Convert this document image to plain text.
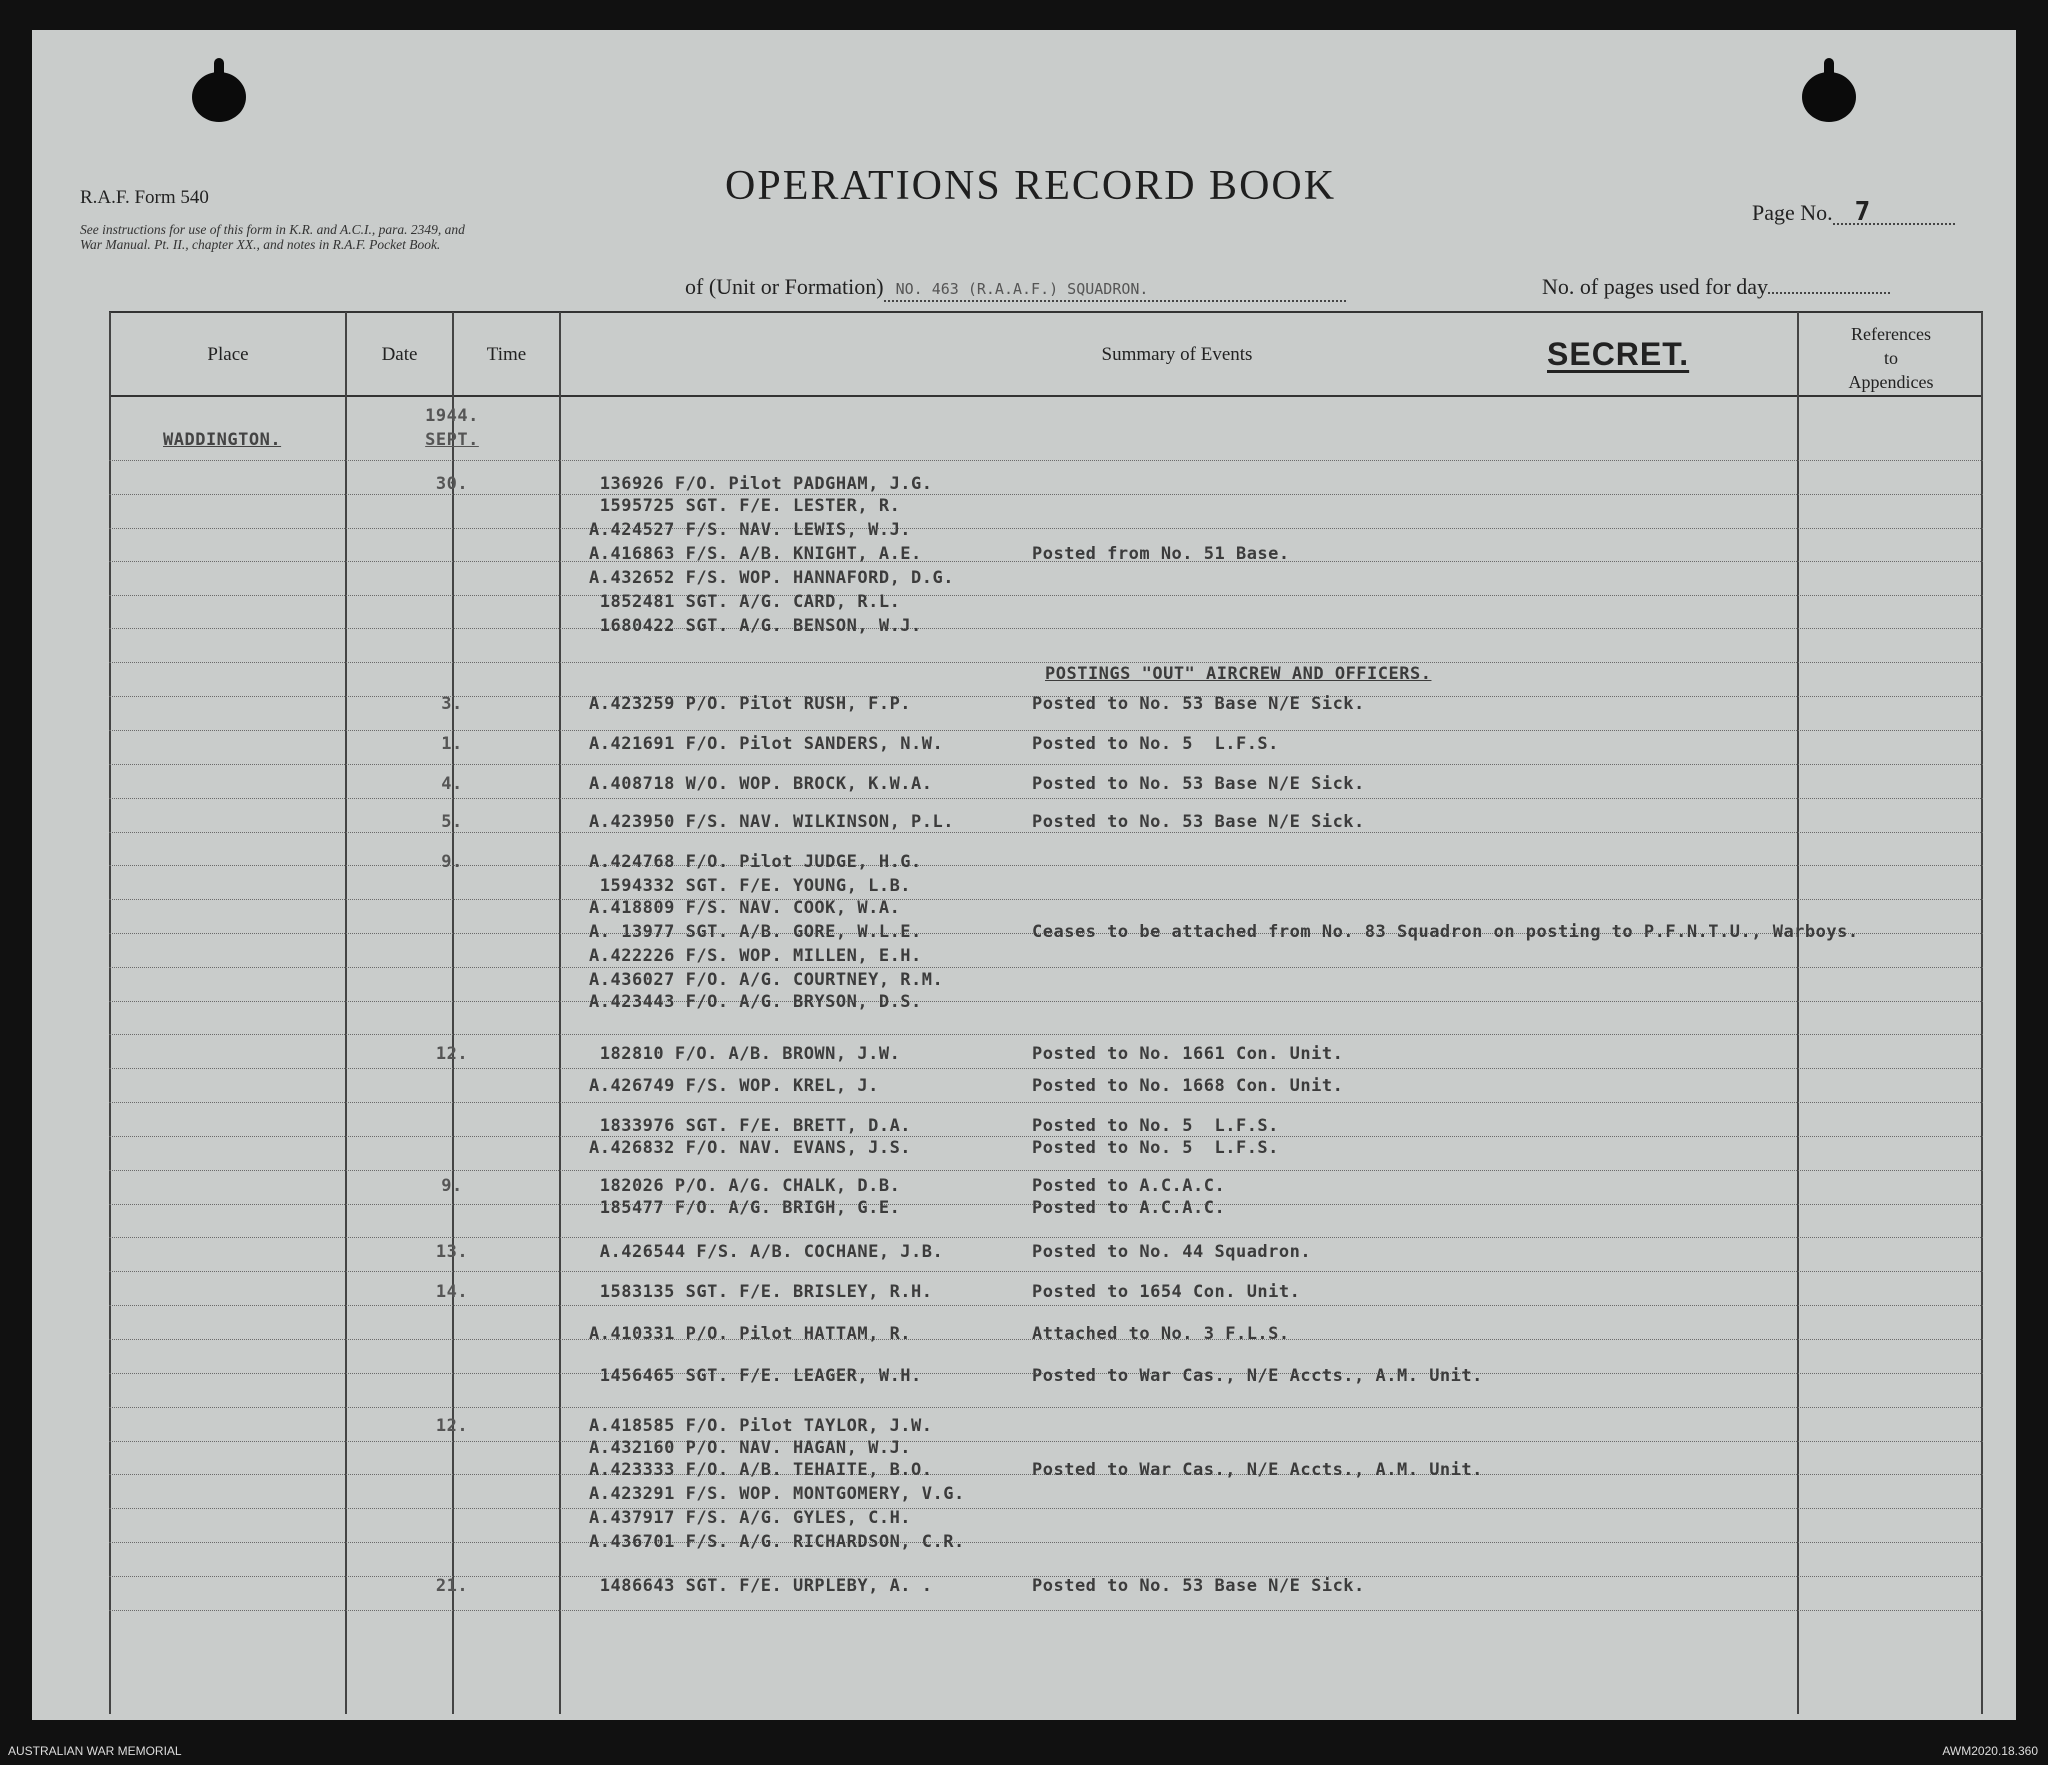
R.A.F. Form 540
See instructions for use of this form in K.R. and A.C.I., para. 2349, and War Manual. Pt. II., chapter XX., and notes in R.A.F. Pocket Book.
OPERATIONS RECORD BOOK
Page No. 7
of (Unit or Formation) NO. 463 (R.A.A.F.) SQUADRON.	No. of pages used for day
Place	Date	Time	Summary of Events	SECRET.
References
to
Appendices
WADDINGTON.
1944.
SEPT.
30.	136926 F/O. Pilot PADGHAM, J.G.
1595725 SGT. F/E. LESTER, R.
A.424527 F/S. NAV. LEWIS, W.J.
A.416863 F/S. A/B. KNIGHT, A.E.	Posted from No. 51 Base.
A.432652 F/S. WOP. HANNAFORD, D.G.
1852481 SGT. A/G. CARD, R.L.
1680422 SGT. A/G. BENSON, W.J.
POSTINGS "OUT" AIRCREW AND OFFICERS.
3.	A.423259 P/O. Pilot RUSH, F.P.	Posted to No. 53 Base N/E Sick.
1.	A.421691 F/O. Pilot SANDERS, N.W.	Posted to No. 5  L.F.S.
4.	A.408718 W/O. WOP. BROCK, K.W.A.	Posted to No. 53 Base N/E Sick.
5.	A.423950 F/S. NAV. WILKINSON, P.L.	Posted to No. 53 Base N/E Sick.
9.	A.424768 F/O. Pilot JUDGE, H.G.
1594332 SGT. F/E. YOUNG, L.B.
A.418809 F/S. NAV. COOK, W.A.
A. 13977 SGT. A/B. GORE, W.L.E.	Ceases to be attached from No. 83 Squadron on posting to P.F.N.T.U., Warboys.
A.422226 F/S. WOP. MILLEN, E.H.
A.436027 F/O. A/G. COURTNEY, R.M.
A.423443 F/O. A/G. BRYSON, D.S.
12.	182810 F/O. A/B. BROWN, J.W.	Posted to No. 1661 Con. Unit.
A.426749 F/S. WOP. KREL, J.	Posted to No. 1668 Con. Unit.
1833976 SGT. F/E. BRETT, D.A.	Posted to No. 5  L.F.S.
A.426832 F/O. NAV. EVANS, J.S.	Posted to No. 5  L.F.S.
9.	182026 P/O. A/G. CHALK, D.B.	Posted to A.C.A.C.
185477 F/O. A/G. BRIGH, G.E.	Posted to A.C.A.C.
13.	A.426544 F/S. A/B. COCHANE, J.B.	Posted to No. 44 Squadron.
14.	1583135 SGT. F/E. BRISLEY, R.H.	Posted to 1654 Con. Unit.
A.410331 P/O. Pilot HATTAM, R.	Attached to No. 3 F.L.S.
1456465 SGT. F/E. LEAGER, W.H.	Posted to War Cas., N/E Accts., A.M. Unit.
12.	A.418585 F/O. Pilot TAYLOR, J.W.
A.432160 P/O. NAV. HAGAN, W.J.
A.423333 F/O. A/B. TEHAITE, B.O.	Posted to War Cas., N/E Accts., A.M. Unit.
A.423291 F/S. WOP. MONTGOMERY, V.G.
A.437917 F/S. A/G. GYLES, C.H.
A.436701 F/S. A/G. RICHARDSON, C.R.
21.	1486643 SGT. F/E. URPLEBY, A. .	Posted to No. 53 Base N/E Sick.
AUSTRALIAN WAR MEMORIAL	AWM2020.18.360
